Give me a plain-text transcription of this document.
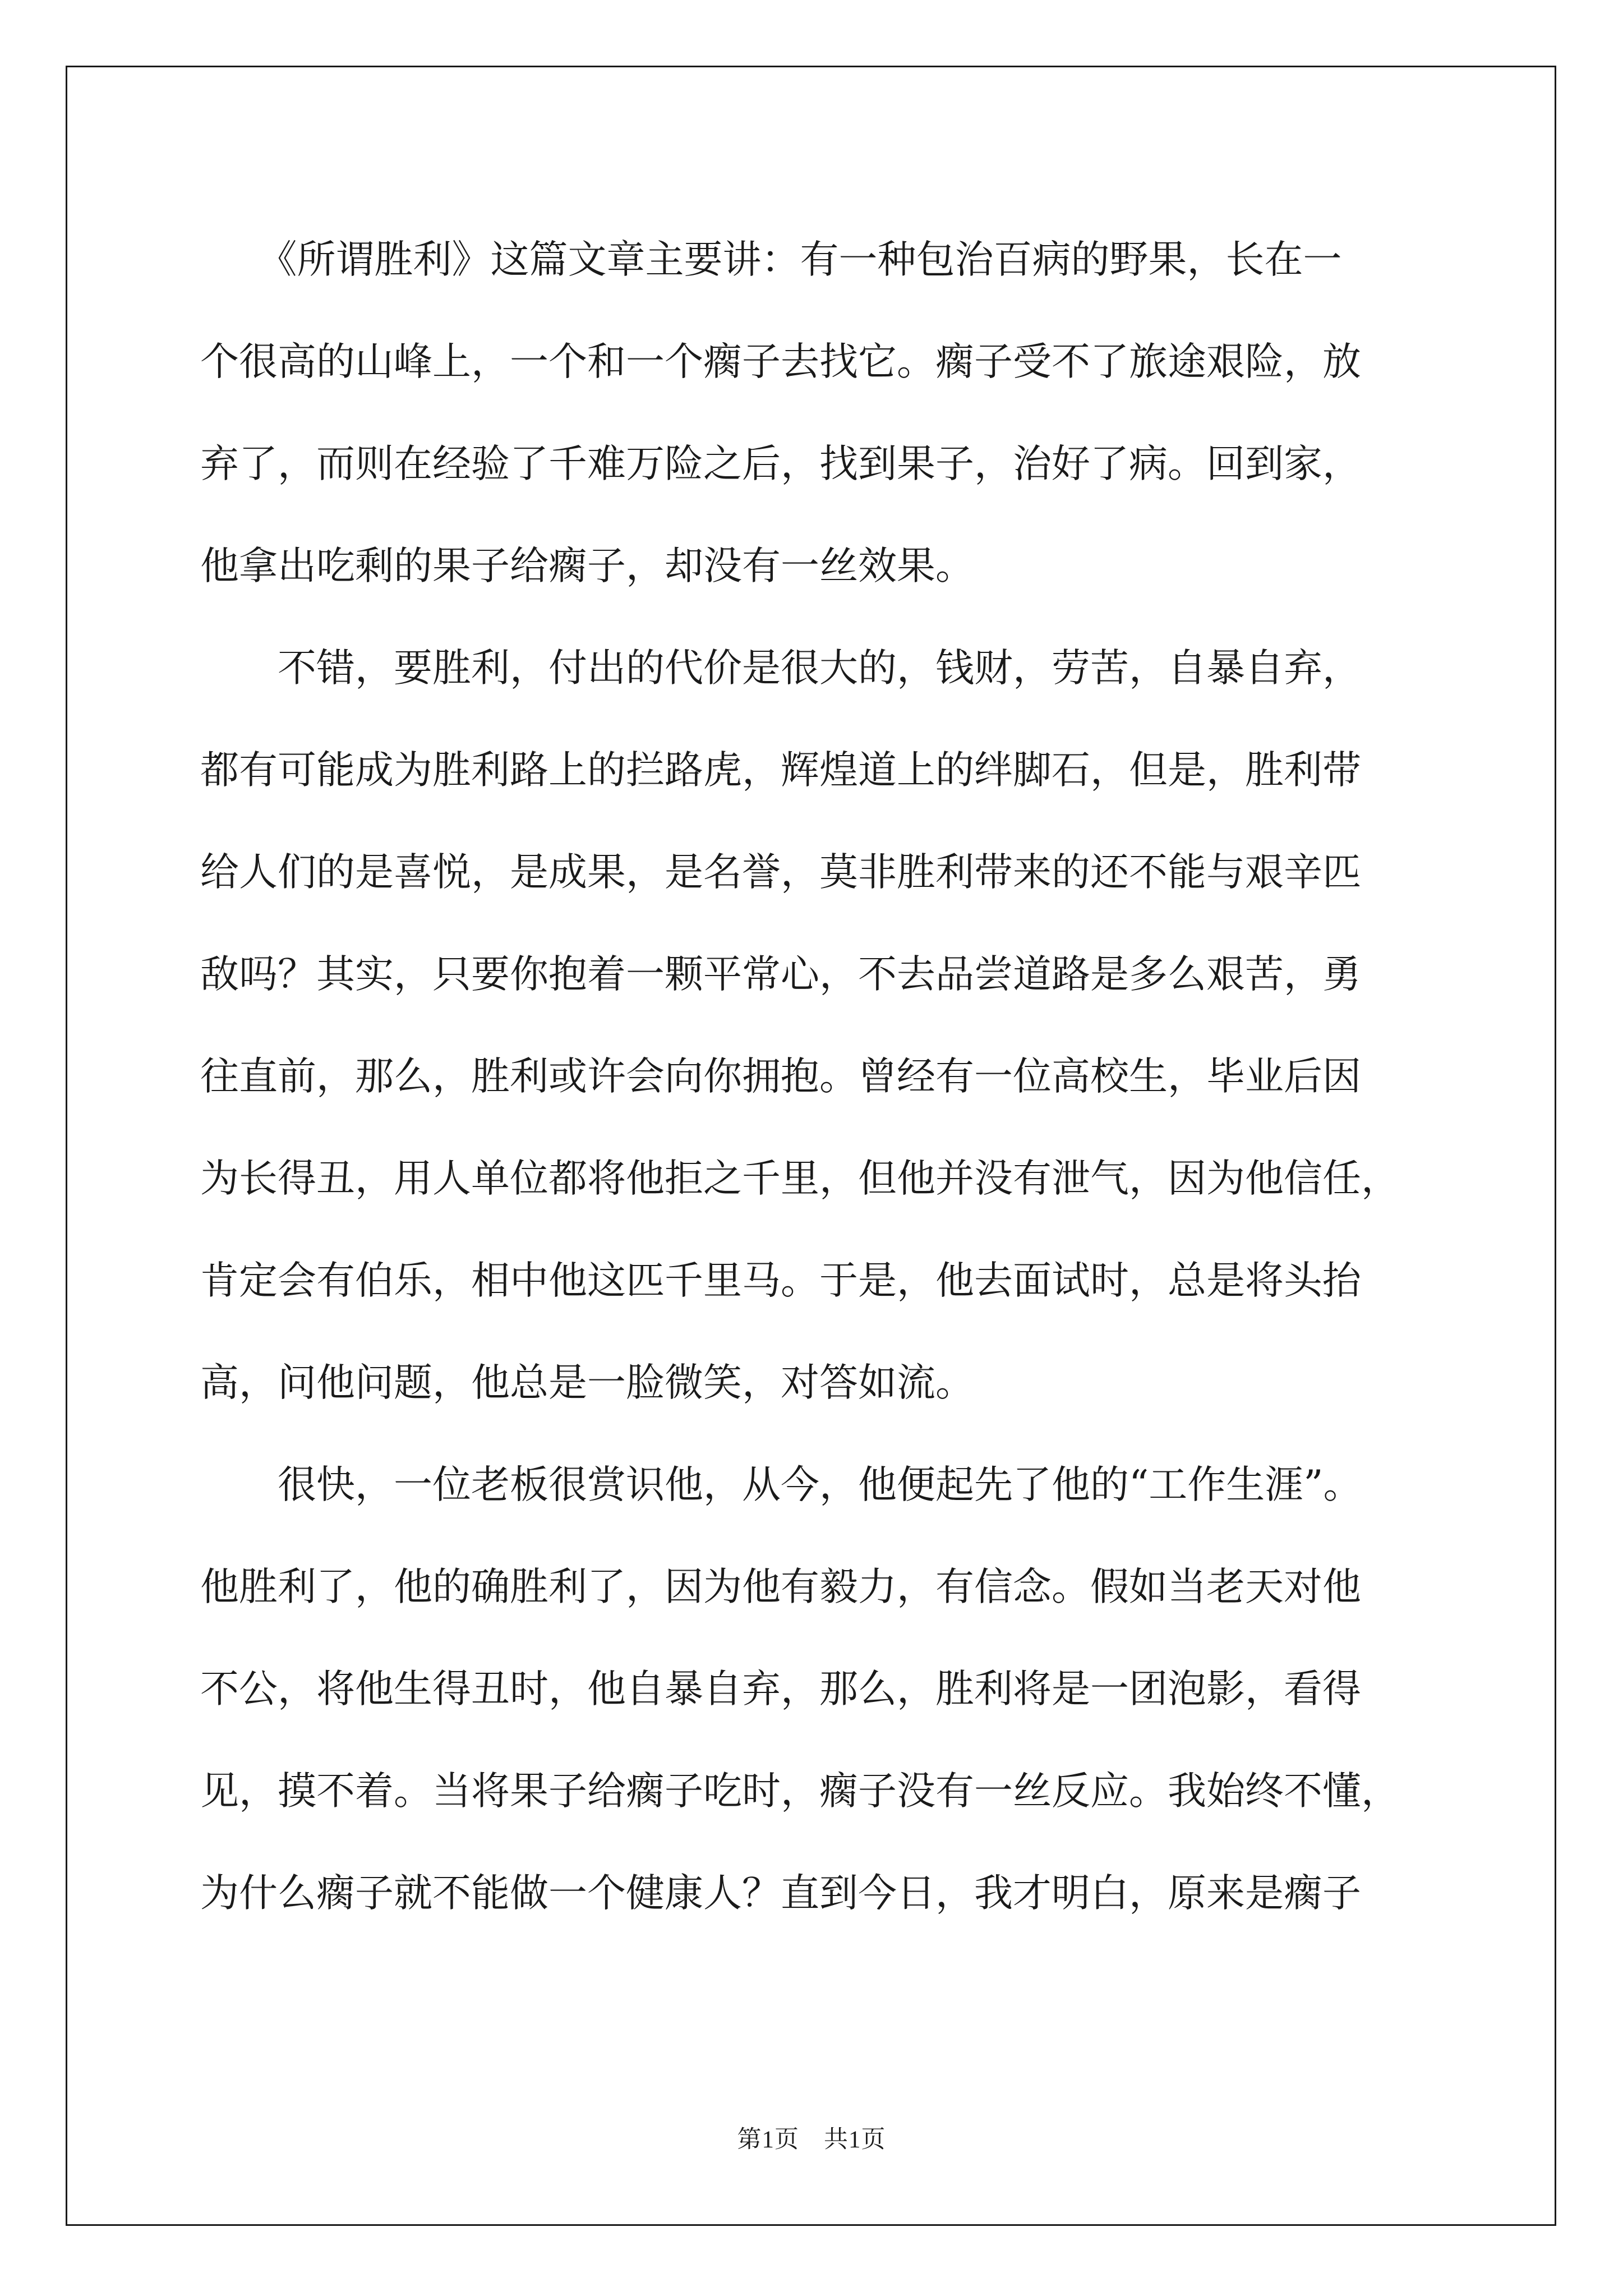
　　《所谓胜利》这篇文章主要讲：有一种包治百病的野果，长在一
个很高的山峰上，一个和一个瘸子去找它。瘸子受不了旅途艰险，放
弃了，而则在经验了千难万险之后，找到果子，治好了病。回到家，
他拿出吃剩的果子给瘸子，却没有一丝效果。
　　不错，要胜利，付出的代价是很大的，钱财，劳苦，自暴自弃，
都有可能成为胜利路上的拦路虎，辉煌道上的绊脚石，但是，胜利带
给人们的是喜悦，是成果，是名誉，莫非胜利带来的还不能与艰辛匹
敌吗？其实，只要你抱着一颗平常心，不去品尝道路是多么艰苦，勇
往直前，那么，胜利或许会向你拥抱。曾经有一位高校生，毕业后因
为长得丑，用人单位都将他拒之千里，但他并没有泄气，因为他信任，
肯定会有伯乐，相中他这匹千里马。于是，他去面试时，总是将头抬
高，问他问题，他总是一脸微笑，对答如流。
　　很快，一位老板很赏识他，从今，他便起先了他的“工作生涯”。
他胜利了，他的确胜利了，因为他有毅力，有信念。假如当老天对他
不公，将他生得丑时，他自暴自弃，那么，胜利将是一团泡影，看得
见，摸不着。当将果子给瘸子吃时，瘸子没有一丝反应。我始终不懂，
为什么瘸子就不能做一个健康人？直到今日，我才明白，原来是瘸子
第1页　共1页
